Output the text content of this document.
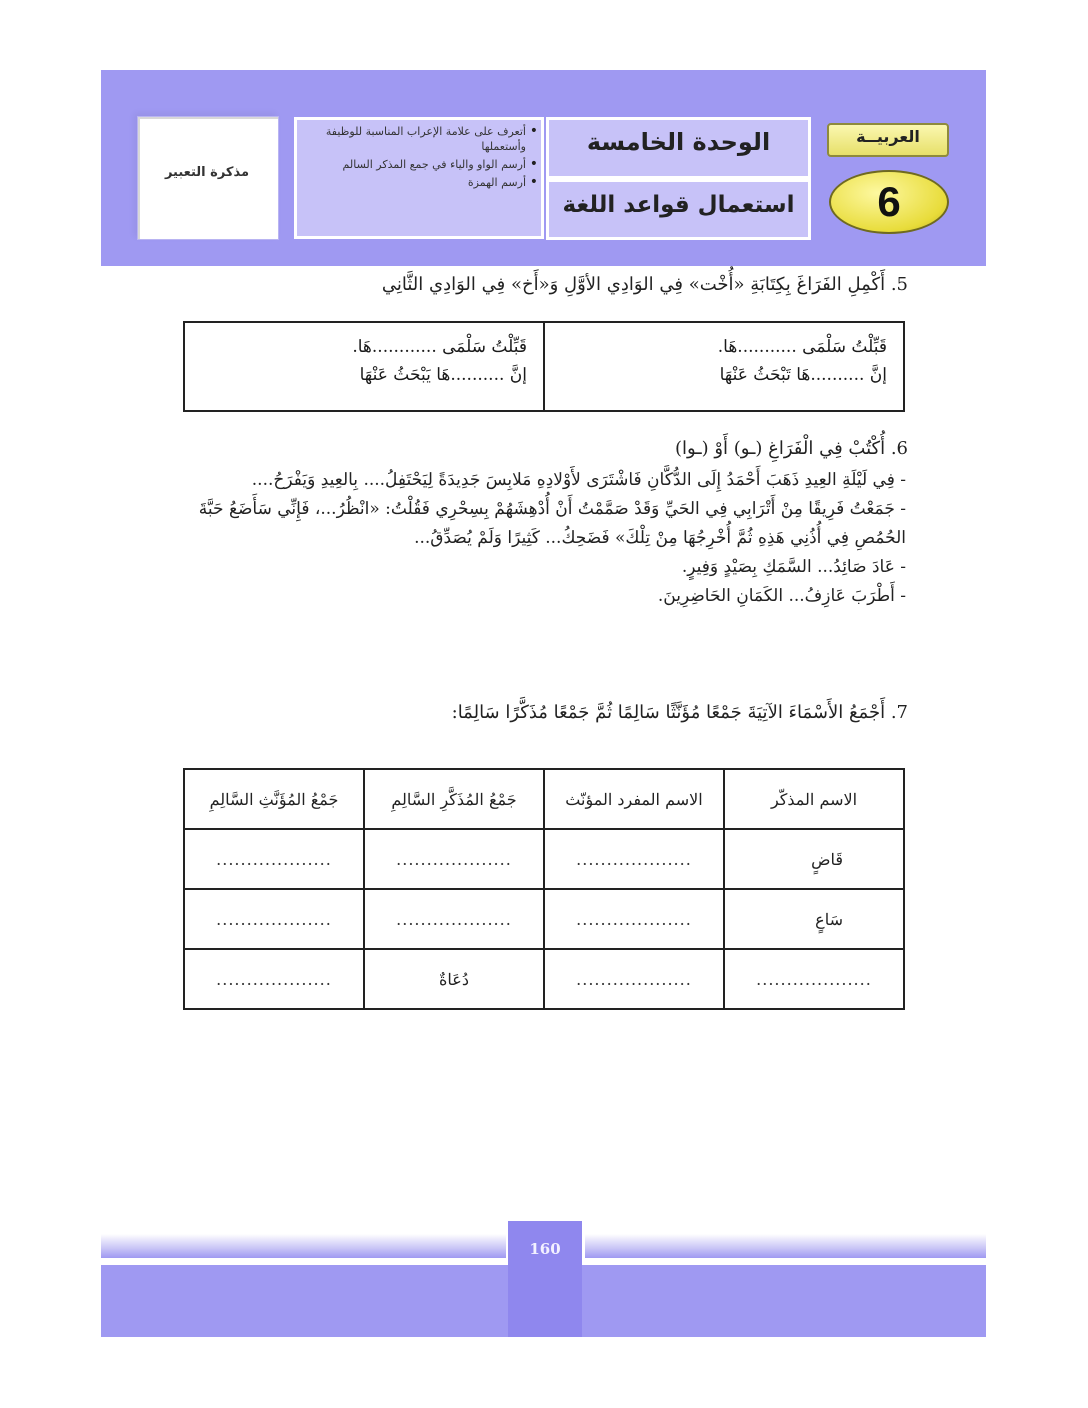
مذكرة التعبير
• أتعرف على علامة الإعراب المناسبة للوظيفة وأستعملها
• أرسم الواو والياء في جمع المذكر السالم
• أرسم الهمزة
الوحدة الخامسة
استعمال قواعد اللغة
العربيــة
6
5. أَكْمِلِ الفَرَاغَ بِكِتَابَةِ «أُخْت» فِي الوَادِي الأوَّلِ وَ«أَخ» فِي الوَادِي الثَّانِي
قَبِّلْتُ سَلْمَى ...........هَا.
إنَّ ..........هَا تَبْحَثُ عَنْهَا
قَبِّلْتُ سَلْمَى ............هَا.
إنَّ ..........هَا يَبْحَثُ عَنْهَا
6. أُكْتُبْ فِي الْفَرَاغِ (ـو) أَوْ (ـوا)

- فِي لَيْلَةِ العِيدِ ذَهَبَ أَحْمَدُ إِلَى الدُّكَّانِ فَاشْتَرَى لأَوْلادِهِ مَلابِسَ جَدِيدَةً لِيَحْتَفِلُ.... بِالعِيدِ وَيَفْرَحُ....

- جَمَعْتُ فَرِيقًا مِنْ أَتْرَابِي فِي الحَيِّ وَقَدْ صَمَّمْتُ أَنْ أُدْهِشَهُمْ بِسِحْرِي فَقُلْتُ: «انْظُرُ...، فَإِنِّي سَأَضَعُ حَبَّةَ الحُمُصِ فِي أُذُنِي هَذِهِ ثُمَّ أُخْرِجُهَا مِنْ تِلْكَ» فَضَحِكُ... كَثِيرًا وَلَمْ يُصَدِّقُ...

- عَادَ صَائِدُ... السَّمَكِ بِصَيْدٍ وَفِيرٍ.

- أَطْرَبَ عَازِفُ... الكَمَانِ الحَاضِرِينَ.

7. أَجْمَعُ الأَسْمَاءَ الآتِيَةَ جَمْعًا مُؤَنَّثًا سَالِمًا ثُمَّ جَمْعًا مُذَكَّرًا سَالِمًا:
الاسم المذكّر	الاسم المفرد المؤنّث	جَمْعُ المُذَكَّرِ السَّالِمِ	جَمْعُ المُؤَنَّثِ السَّالِمِ
قَاضٍ	...................	...................	...................
سَاعٍ	...................	...................	...................
...................	...................	دُعَاةٌ	...................
160
